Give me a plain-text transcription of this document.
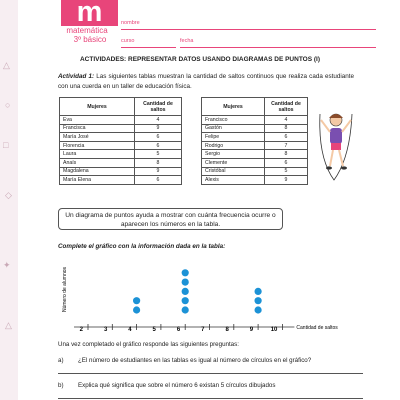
△
○
□
◇
✦
△
m
matemática
3º básico
nombre
curso	fecha
ACTIVIDADES: REPRESENTAR DATOS USANDO DIAGRAMAS DE PUNTOS (I)
Actividad 1: Las siguientes tablas muestran la cantidad de saltos continuos que realiza cada estudiante con una cuerda en un taller de educación física.
Mujeres	Cantidad de saltos
Eva	4
Francisca	9
María José	6
Florencia	6
Laura	5
Anaís	8
Magdalena	9
María Elena	6
Mujeres	Cantidad de saltos
Francisco	4
Gastón	8
Felipe	6
Rodrigo	7
Sergio	8
Clemente	6
Cristóbal	5
Alexis	9
Un diagrama de puntos ayuda a mostrar con cuánta frecuencia ocurre o aparecen los números en la tabla.
Complete el gráfico con la información dada en la tabla:
Número de alumnos
Cantidad de saltos
2	3	4	5	6	7	8	9	10
Una vez completado el gráfico responde las siguientes preguntas:
a) ¿El número de estudiantes en las tablas es igual al número de círculos en el gráfico?
b) Explica qué significa que sobre el número 6 existan 5 círculos dibujados
